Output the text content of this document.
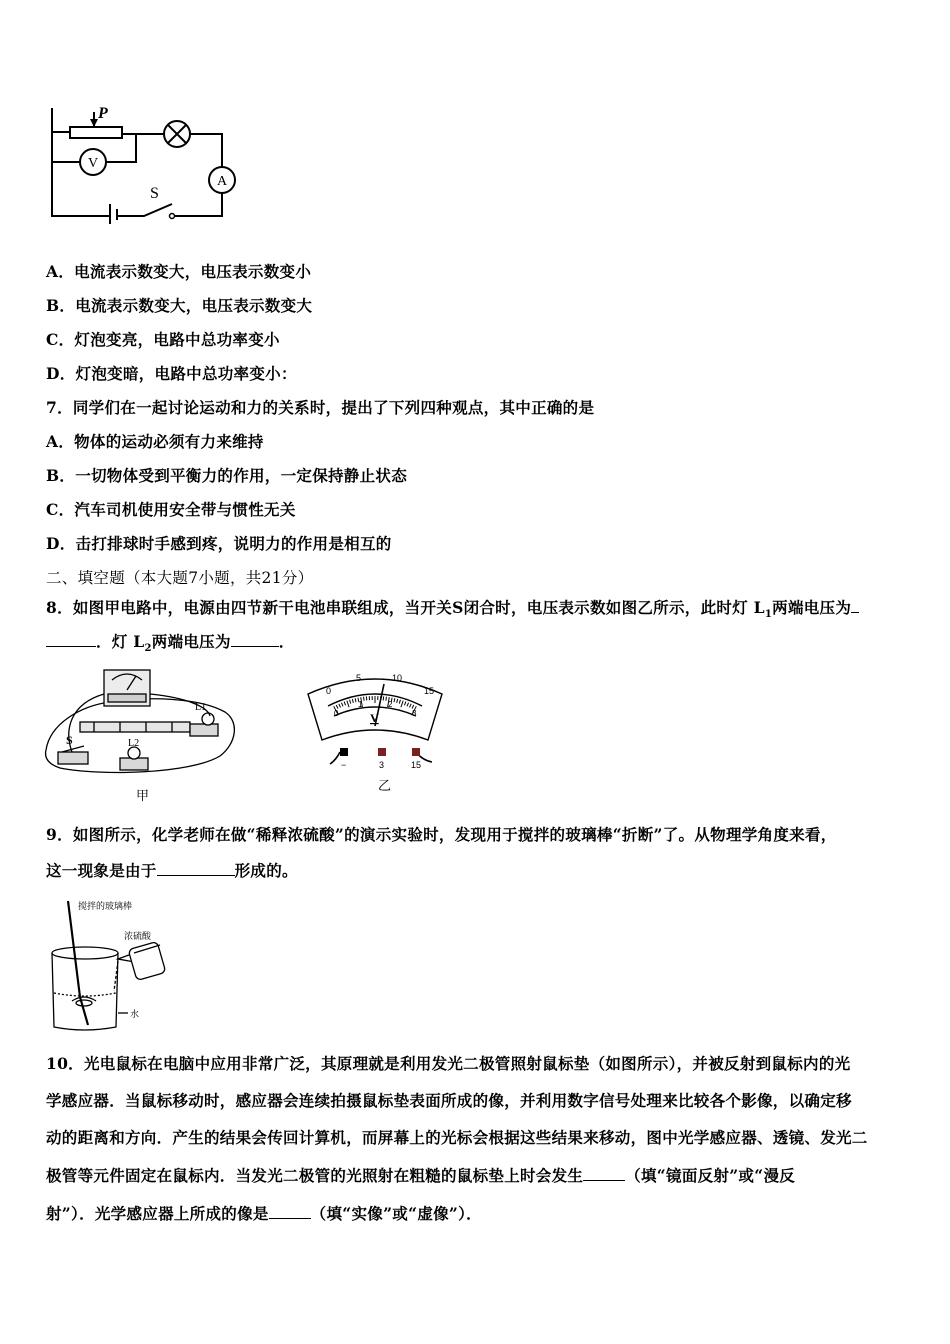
P
V
A
S
A．电流表示数变大，电压表示数变小
B．电流表示数变大，电压表示数变大
C．灯泡变亮，电路中总功率变小
D．灯泡变暗，电路中总功率变小：
7．同学们在一起讨论运动和力的关系时，提出了下列四种观点，其中正确的是
A．物体的运动必须有力来维持
B．一切物体受到平衡力的作用，一定保持静止状态
C．汽车司机使用安全带与惯性无关
D．击打排球时手感到疼，说明力的作用是相互的
二、填空题（本大题7小题，共21分）
8．如图甲电路中，电源由四节新干电池串联组成，当开关S闭合时，电压表示数如图乙所示，此时灯 $L_1$两端电压为
．灯 $L_2$两端电压为	．
S
L1
L2
甲
0
5	10
15
0
1	2
3
V
−	3	15
乙
9．如图所示，化学老师在做“稀释浓硫酸”的演示实验时，发现用于搅拌的玻璃棒“折断”了。从物理学角度来看，
这一现象是由于	形成的。
搅拌的玻璃棒
浓硫酸
水
10．光电鼠标在电脑中应用非常广泛，其原理就是利用发光二极管照射鼠标垫（如图所示），并被反射到鼠标内的光
学感应器．当鼠标移动时，感应器会连续拍摄鼠标垫表面所成的像，并利用数字信号处理来比较各个影像，以确定移
动的距离和方向．产生的结果会传回计算机，而屏幕上的光标会根据这些结果来移动，图中光学感应器、透镜、发光二
极管等元件固定在鼠标内．当发光二极管的光照射在粗糙的鼠标垫上时会发生	（填“镜面反射”或“漫反
射”）．光学感应器上所成的像是	（填“实像”或“虚像”）．
